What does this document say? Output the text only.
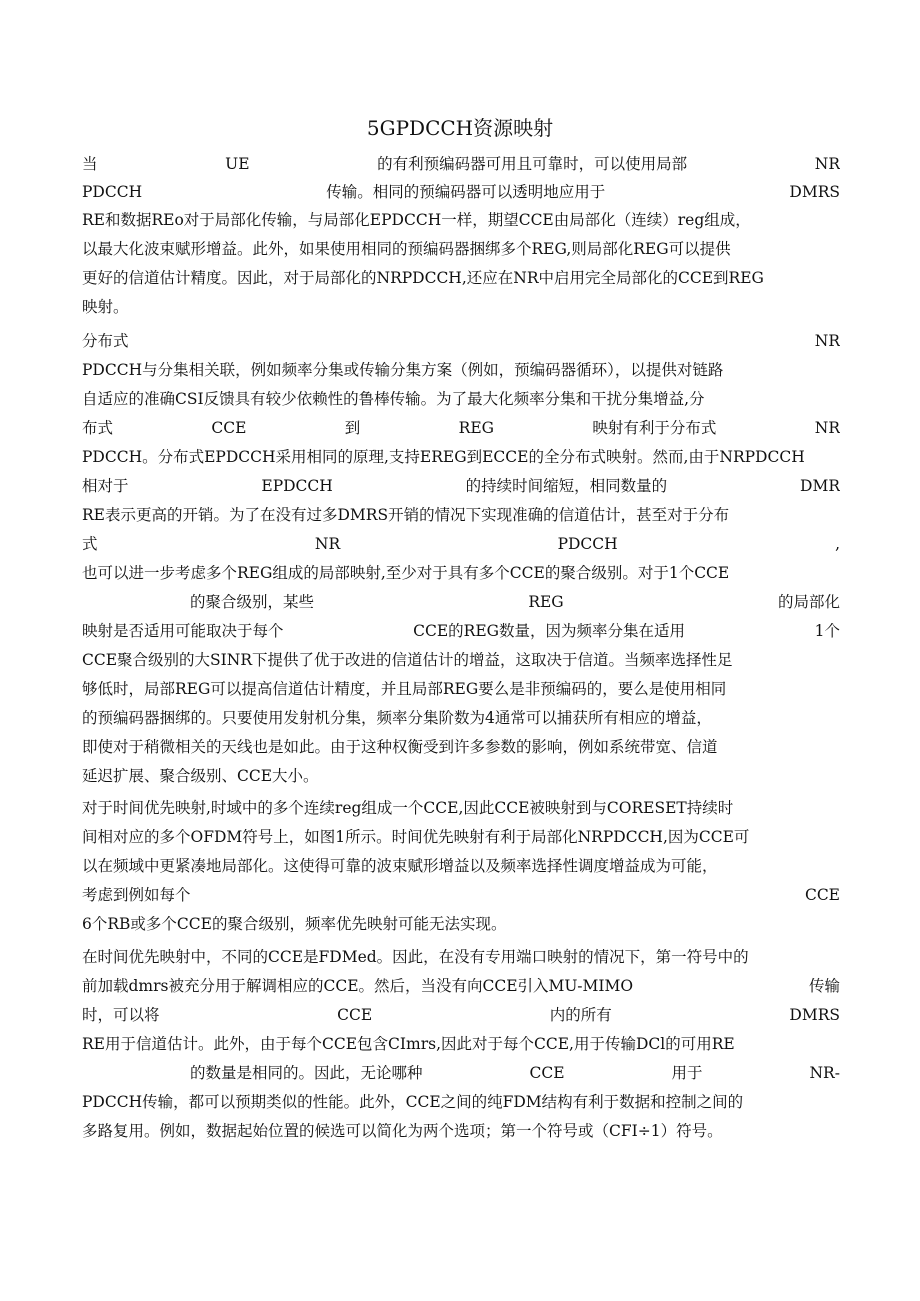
5GPDCCH资源映射
当	UE	的有利预编码器可用且可靠时，可以使用局部	NR
PDCCH	传输。相同的预编码器可以透明地应用于	DMRS
RE和数据REo对于局部化传输，与局部化EPDCCH一样，期望CCE由局部化（连续）reg组成，
以最大化波束赋形增益。此外，如果使用相同的预编码器捆绑多个REG,则局部化REG可以提供
更好的信道估计精度。因此，对于局部化的NRPDCCH,还应在NR中启用完全局部化的CCE到REG
映射。
分布式	NR
PDCCH与分集相关联，例如频率分集或传输分集方案（例如，预编码器循环），以提供对链路
自适应的准确CSI反馈具有较少依赖性的鲁棒传输。为了最大化频率分集和干扰分集增益,分
布式	CCE	到	REG	映射有利于分布式	NR
PDCCH。分布式EPDCCH采用相同的原理,支持EREG到ECCE的全分布式映射。然而,由于NRPDCCH
相对于	EPDCCH	的持续时间缩短，相同数量的	DMR
RE表示更高的开销。为了在没有过多DMRS开销的情况下实现准确的信道估计，甚至对于分布
式	NR	PDCCH	,
也可以进一步考虑多个REG组成的局部映射,至少对于具有多个CCE的聚合级别。对于1个CCE
的聚合级别，某些	REG	的局部化
映射是否适用可能取决于每个	CCE的REG数量，因为频率分集在适用	1个
CCE聚合级别的大SINR下提供了优于改进的信道估计的增益，这取决于信道。当频率选择性足
够低时，局部REG可以提高信道估计精度，并且局部REG要么是非预编码的，要么是使用相同
的预编码器捆绑的。只要使用发射机分集，频率分集阶数为4通常可以捕获所有相应的增益，
即使对于稍微相关的天线也是如此。由于这种权衡受到许多参数的影响，例如系统带宽、信道
延迟扩展、聚合级别、CCE大小。
对于时间优先映射,时域中的多个连续reg组成一个CCE,因此CCE被映射到与CORESET持续时
间相对应的多个OFDM符号上，如图1所示。时间优先映射有利于局部化NRPDCCH,因为CCE可
以在频域中更紧凑地局部化。这使得可靠的波束赋形增益以及频率选择性调度增益成为可能，
考虑到例如每个	CCE
6个RB或多个CCE的聚合级别，频率优先映射可能无法实现。
在时间优先映射中，不同的CCE是FDMed。因此，在没有专用端口映射的情况下，第一符号中的
前加载dmrs被充分用于解调相应的CCE。然后，当没有向CCE引入MU-MIMO	传输
时，可以将	CCE	内的所有	DMRS
RE用于信道估计。此外，由于每个CCE包含CImrs,因此对于每个CCE,用于传输DCl的可用RE
的数量是相同的。因此，无论哪种	CCE	用于	NR-
PDCCH传输，都可以预期类似的性能。此外，CCE之间的纯FDM结构有利于数据和控制之间的
多路复用。例如，数据起始位置的候选可以简化为两个选项；第一个符号或（CFI÷1）符号。
